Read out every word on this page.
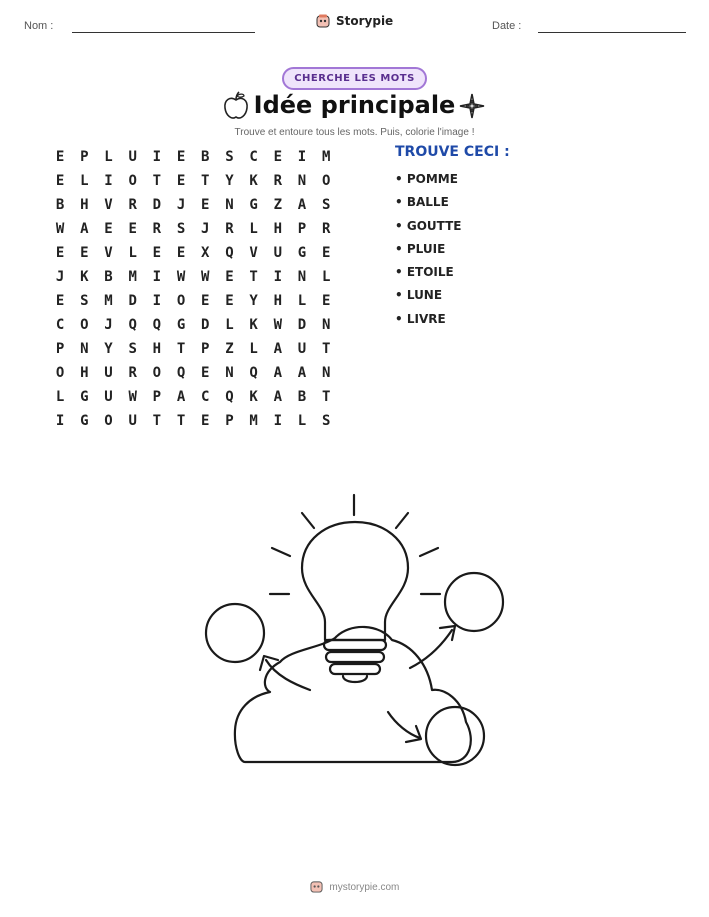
Nom :	Storypie	Date :
CHERCHE LES MOTS
Idée principale
Trouve et entoure tous les mots. Puis, colorie l'image !
E	P	L	U	I	E	B	S	C	E	I	M
E	L	I	O	T	E	T	Y	K	R	N	O
B	H	V	R	D	J	E	N	G	Z	A	S
W	A	E	E	R	S	J	R	L	H	P	R
E	E	V	L	E	E	X	Q	V	U	G	E
J	K	B	M	I	W	W	E	T	I	N	L
E	S	M	D	I	O	E	E	Y	H	L	E
C	O	J	Q	Q	G	D	L	K	W	D	N
P	N	Y	S	H	T	P	Z	L	A	U	T
O	H	U	R	O	Q	E	N	Q	A	A	N
L	G	U	W	P	A	C	Q	K	A	B	T
I	G	O	U	T	T	E	P	M	I	L	S
TROUVE CECI :
• POMME
• BALLE
• GOUTTE
• PLUIE
• ETOILE
• LUNE
• LIVRE
mystorypie.com
